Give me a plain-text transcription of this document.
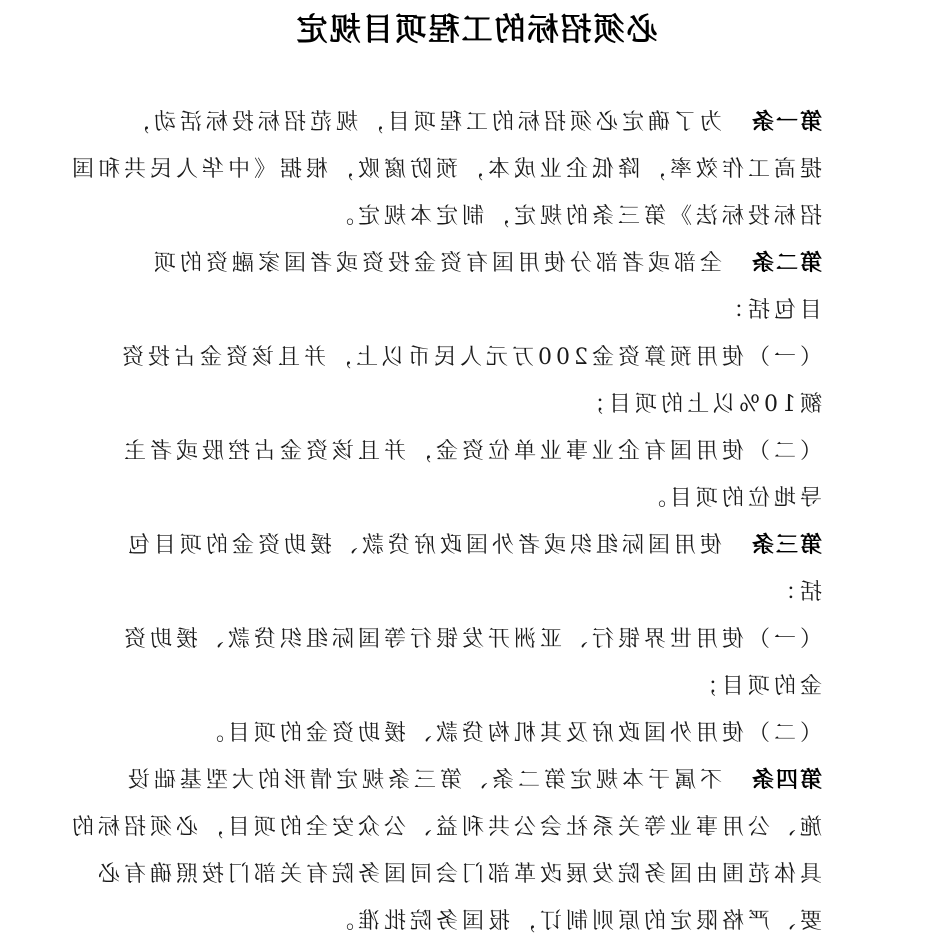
必须招标的工程项目规定
第一条为了确定必须招标的工程项目，规范招标投标活动，
提高工作效率，降低企业成本，预防腐败，根据《中华人民共和国
招标投标法》第三条的规定，制定本规定。
第二条全部或者部分使用国有资金投资或者国家融资的项
目包括：
（一）使用预算资金200万元人民币以上，并且该资金占投资
额10%以上的项目；
（二）使用国有企业事业单位资金，并且该资金占控股或者主
导地位的项目。
第三条使用国际组织或者外国政府贷款、援助资金的项目包
括：
（一）使用世界银行、亚洲开发银行等国际组织贷款、援助资
金的项目；
（二）使用外国政府及其机构贷款、援助资金的项目。
第四条不属于本规定第二条、第三条规定情形的大型基础设
施、公用事业等关系社会公共利益、公众安全的项目，必须招标的
具体范围由国务院发展改革部门会同国务院有关部门按照确有必
要、严格限定的原则制订，报国务院批准。
